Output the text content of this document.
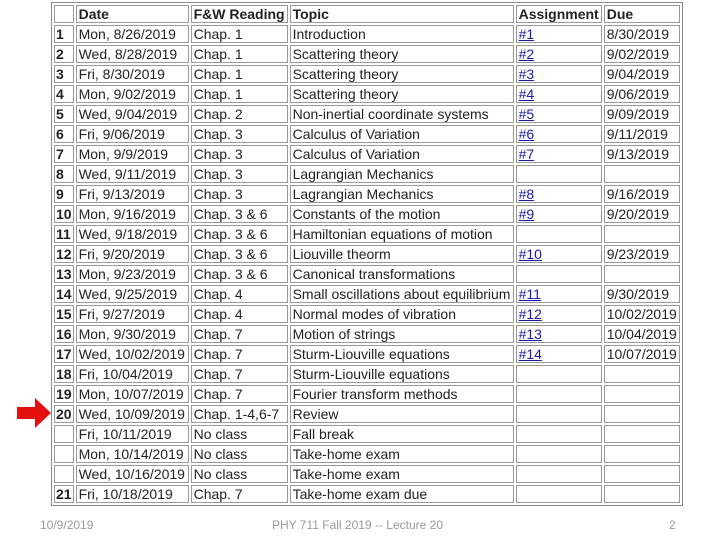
	Date	F&W Reading	Topic	Assignment	Due
1	Mon, 8/26/2019	Chap. 1	Introduction	#1	8/30/2019
2	Wed, 8/28/2019	Chap. 1	Scattering theory	#2	9/02/2019
3	Fri, 8/30/2019	Chap. 1	Scattering theory	#3	9/04/2019
4	Mon, 9/02/2019	Chap. 1	Scattering theory	#4	9/06/2019
5	Wed, 9/04/2019	Chap. 2	Non-inertial coordinate systems	#5	9/09/2019
6	Fri, 9/06/2019	Chap. 3	Calculus of Variation	#6	9/11/2019
7	Mon, 9/9/2019	Chap. 3	Calculus of Variation	#7	9/13/2019
8	Wed, 9/11/2019	Chap. 3	Lagrangian Mechanics		
9	Fri, 9/13/2019	Chap. 3	Lagrangian Mechanics	#8	9/16/2019
10	Mon, 9/16/2019	Chap. 3 & 6	Constants of the motion	#9	9/20/2019
11	Wed, 9/18/2019	Chap. 3 & 6	Hamiltonian equations of motion		
12	Fri, 9/20/2019	Chap. 3 & 6	Liouville theorm	#10	9/23/2019
13	Mon, 9/23/2019	Chap. 3 & 6	Canonical transformations		
14	Wed, 9/25/2019	Chap. 4	Small oscillations about equilibrium	#11	9/30/2019
15	Fri, 9/27/2019	Chap. 4	Normal modes of vibration	#12	10/02/2019
16	Mon, 9/30/2019	Chap. 7	Motion of strings	#13	10/04/2019
17	Wed, 10/02/2019	Chap. 7	Sturm-Liouville equations	#14	10/07/2019
18	Fri, 10/04/2019	Chap. 7	Sturm-Liouville equations		
19	Mon, 10/07/2019	Chap. 7	Fourier transform methods		
20	Wed, 10/09/2019	Chap. 1-4,6-7	Review		
	Fri, 10/11/2019	No class	Fall break		
	Mon, 10/14/2019	No class	Take-home exam		
	Wed, 10/16/2019	No class	Take-home exam		
21	Fri, 10/18/2019	Chap. 7	Take-home exam due		
10/9/2019	PHY 711 Fall 2019 -- Lecture 20	2
